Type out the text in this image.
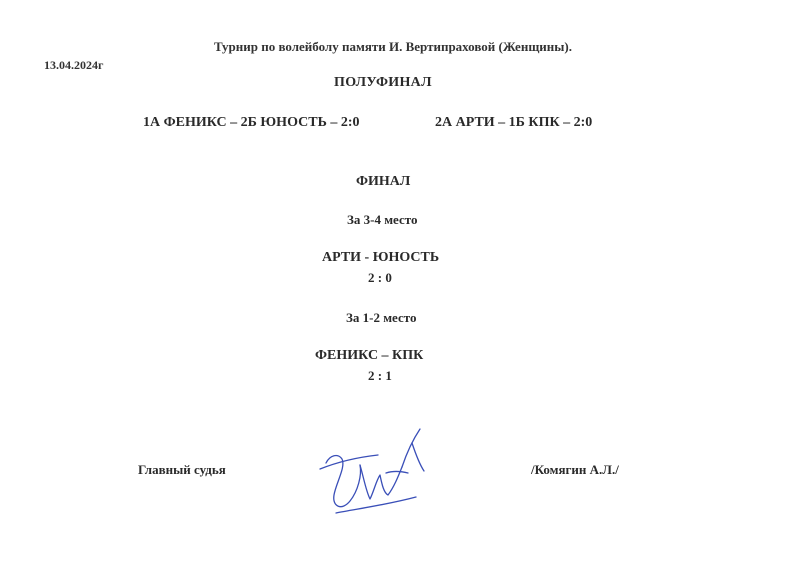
Турнир по волейболу памяти И. Вертипраховой (Женщины).
13.04.2024г
ПОЛУФИНАЛ
1А ФЕНИКС – 2Б ЮНОСТЬ – 2:0	2А АРТИ – 1Б КПК – 2:0
ФИНАЛ
За 3-4 место
АРТИ - ЮНОСТЬ
2 : 0
За 1-2 место
ФЕНИКС – КПК
2 : 1
Главный судья	/Комягин А.Л./
